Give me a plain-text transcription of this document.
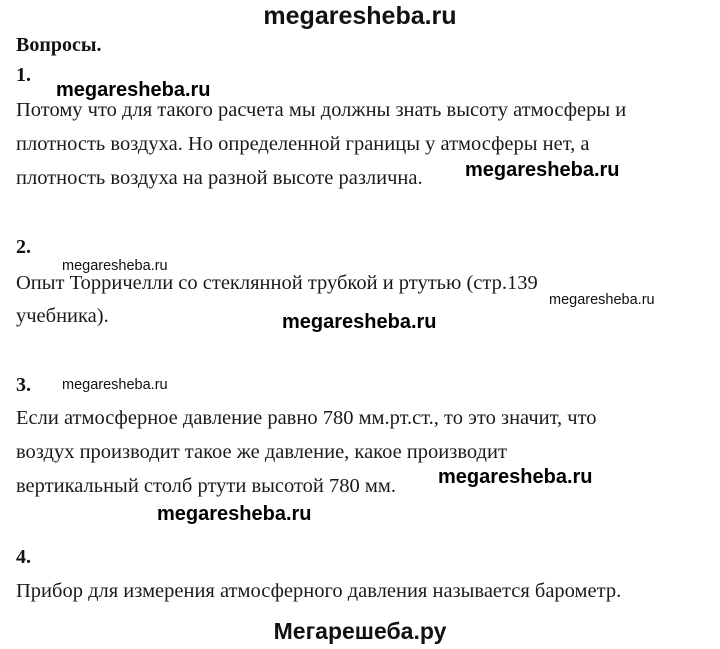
megaresheba.ru
Вопросы.
1.
Потому что для такого расчета мы должны знать высоту атмосферы и
плотность воздуха. Но определенной границы у атмосферы нет, а
плотность воздуха на разной высоте различна.
2.
Опыт Торричелли со стеклянной трубкой и ртутью (стр.139
учебника).
3.
Если атмосферное давление равно 780 мм.рт.ст., то это значит, что
воздух производит такое же давление, какое производит
вертикальный столб ртути высотой 780 мм.
4.
Прибор для измерения атмосферного давления называется барометр.
megaresheba.ru
megaresheba.ru
megaresheba.ru
megaresheba.ru
megaresheba.ru
megaresheba.ru
megaresheba.ru
megaresheba.ru
Мегарешеба.ру
